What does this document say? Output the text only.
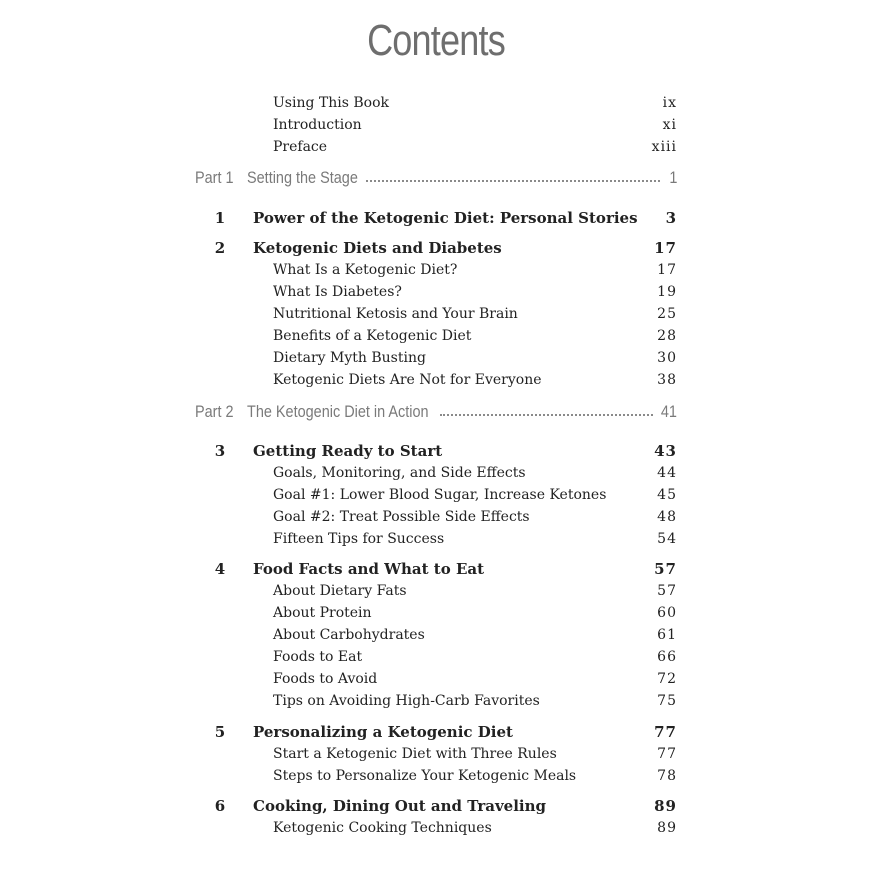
Contents
Using This Book	ix
Introduction	xi
Preface	xiii
Part 1 Setting the Stage	1
1 Power of the Ketogenic Diet: Personal Stories 3
2 Ketogenic Diets and Diabetes	17
What Is a Ketogenic Diet?	17
What Is Diabetes?	19
Nutritional Ketosis and Your Brain	25
Benefits of a Ketogenic Diet	28
Dietary Myth Busting	30
Ketogenic Diets Are Not for Everyone	38
Part 2 The Ketogenic Diet in Action	41
3 Getting Ready to Start	43
Goals, Monitoring, and Side Effects	44
Goal #1: Lower Blood Sugar, Increase Ketones	45
Goal #2: Treat Possible Side Effects	48
Fifteen Tips for Success	54
4 Food Facts and What to Eat	57
About Dietary Fats	57
About Protein	60
About Carbohydrates	61
Foods to Eat	66
Foods to Avoid	72
Tips on Avoiding High-Carb Favorites	75
5 Personalizing a Ketogenic Diet	77
Start a Ketogenic Diet with Three Rules	77
Steps to Personalize Your Ketogenic Meals	78
6 Cooking, Dining Out and Traveling	89
Ketogenic Cooking Techniques	89
